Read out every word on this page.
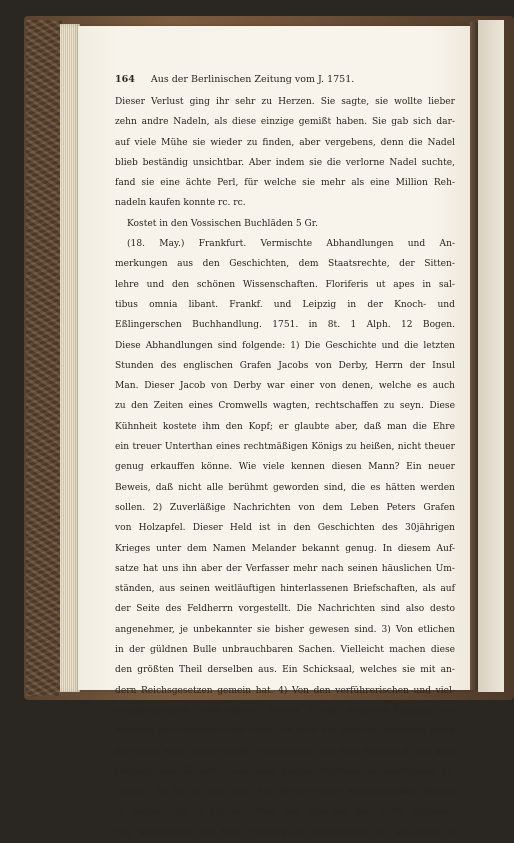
164 Aus der Berlinischen Zeitung vom J. 1751.
Dieser Verlust ging ihr sehr zu Herzen. Sie sagte, sie wollte lieber
zehn andre Nadeln, als diese einzige gemißt haben. Sie gab sich dar-
auf viele Mühe sie wieder zu finden, aber vergebens, denn die Nadel
blieb beständig unsichtbar. Aber indem sie die verlorne Nadel suchte,
fand sie eine ächte Perl, für welche sie mehr als eine Million Reh-
nadeln kaufen konnte rc. rc.
Kostet in den Vossischen Buchläden 5 Gr.
(18. May.) Frankfurt. Vermischte Abhandlungen und An-
merkungen aus den Geschichten, dem Staatsrechte, der Sitten-
lehre und den schönen Wissenschaften. Floriferis ut apes in sal-
tibus omnia libant. Frankf. und Leipzig in der Knoch- und
Eßlingerschen Buchhandlung. 1751. in 8t. 1 Alph. 12 Bogen.
Diese Abhandlungen sind folgende: 1) Die Geschichte und die letzten
Stunden des englischen Grafen Jacobs von Derby, Herrn der Insul
Man. Dieser Jacob von Derby war einer von denen, welche es auch
zu den Zeiten eines Cromwells wagten, rechtschaffen zu seyn. Diese
Kühnheit kostete ihm den Kopf; er glaubte aber, daß man die Ehre
ein treuer Unterthan eines rechtmäßigen Königs zu heißen, nicht theuer
genug erkauffen könne. Wie viele kennen diesen Mann? Ein neuer
Beweis, daß nicht alle berühmt geworden sind, die es hätten werden
sollen. 2) Zuverläßige Nachrichten von dem Leben Peters Grafen
von Holzapfel. Dieser Held ist in den Geschichten des 30jährigen
Krieges unter dem Namen Melander bekannt genug. In diesem Auf-
satze hat uns ihn aber der Verfasser mehr nach seinen häuslichen Um-
ständen, aus seinen weitläuftigen hinterlassenen Briefschaften, als auf
der Seite des Feldherrn vorgestellt. Die Nachrichten sind also desto
angenehmer, je unbekannter sie bisher gewesen sind. 3) Von etlichen
in der güldnen Bulle unbrauchbaren Sachen. Vielleicht machen diese
den größten Theil derselben aus. Ein Schicksaal, welches sie mit an-
dern Reichsgesetzen gemein hat. 4) Von den verführerischen und viel-
versprechenden Titeln etlicher Bücher. Es sind meistens Romane, von
welchen der Verfasser hier redet. Er muß ein ziemlich erklärter Feind
derselben seyn, sonst würde er schwerlich von dem Kleveland, von dem
Dechant von Killerine, von dem Joseph Andrews so nachtheilig ur-
theilen. Es ist zu viel, den Abt Prevot einen herumirrenden Mönch
zu nennen. Es ist ein Vorurtheil, von dem wir den Herrn Verfasser
frey wünschten; weil Herr Fielding ein Schauspieler ist, also muß er
